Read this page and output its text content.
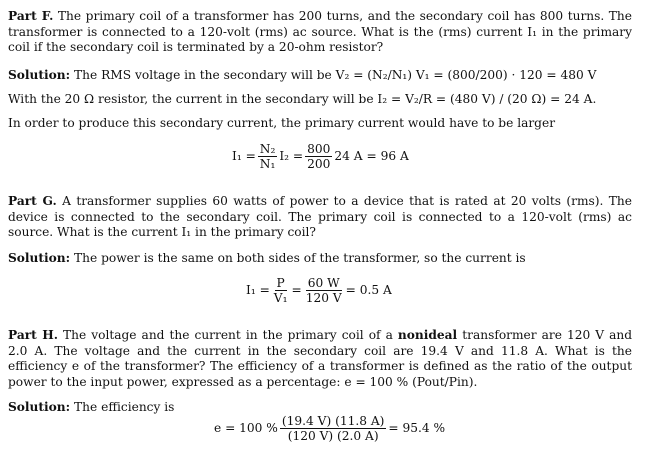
Part F. The primary coil of a transformer has 200 turns, and the secondary coil has 800 turns. The transformer is connected to a 120-volt (rms) ac source. What is the (rms) current I₁ in the primary coil if the secondary coil is terminated by a 20-ohm resistor?

Solution: The RMS voltage in the secondary will be V₂ = (N₂/N₁) V₁ = (800/200) · 120 = 480 V

With the 20 Ω resistor, the current in the secondary will be I₂ = V₂/R = (480 V) / (20 Ω) = 24 A.

In order to produce this secondary current, the primary current would have to be larger

$I_1 = \frac{\text{N₂}}{\text{N₁}} I_2 = \frac{800}{200} 24$ A = 96 A

Part G. A transformer supplies 60 watts of power to a device that is rated at 20 volts (rms). The device is connected to the secondary coil. The primary coil is connected to a 120-volt (rms) ac source. What is the current I₁ in the primary coil?

Solution: The power is the same on both sides of the transformer, so the current is

$I_1 = \frac{P}{\text{V₁}} = \frac{60 W}{120 V} = 0.5$ A

Part H. The voltage and the current in the primary coil of a nonideal transformer are 120 V and 2.0 A. The voltage and the current in the secondary coil are 19.4 V and 11.8 A. What is the efficiency e of the transformer? The efficiency of a transformer is defined as the ratio of the output power to the input power, expressed as a percentage: e = 100 % (Pout/Pin).

Solution: The efficiency is

e = 100 % $\frac{(19.4 V) (11.8 A)}{(120 V) (2.0 A)} = 95.4$ %
